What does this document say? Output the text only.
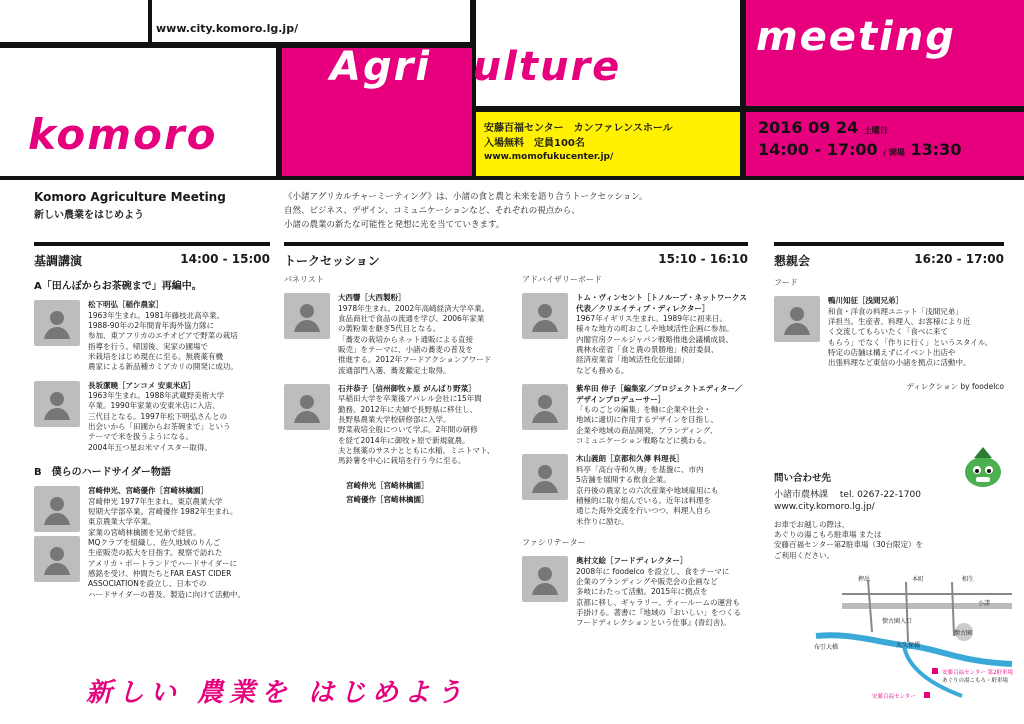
www.city.komoro.lg.jp/
komoro
Agri culture
安藤百福センター　カンファレンスホール
入場無料　定員100名
www.momofukucenter.jp/
meeting
2016 09 24 土曜日
14:00 - 17:00 / 開場 13:30
Komoro Agriculture Meeting
新しい農業をはじめよう
《小諸アグリカルチャーミーティング》は、小諸の食と農と未来を語り合うトークセッション。
自然、ビジネス、デザイン、コミュニケーションなど、それぞれの視点から、
小諸の農業の新たな可能性と発想に光を当てていきます。
基調講演	14:00 - 15:00
A「田んぼからお茶碗まで」再編中。
松下明弘［稲作農家］
1963年生まれ。1981年藤枝北高卒業。
1988-90年の2年間青年海外協力隊に
参加、東アフリカのエチオピアで野菜の栽培
指導を行う。帰国後、実家の圃場で
米栽培をはじめ現在に至る。無農薬有機
農家による新品種カミアカリの開発に成功。
長坂潔曉［アンコメ 安東米店］
1963年生まれ。1988年武蔵野美術大学
卒業。1990年家業の安東米店に入店、
三代目となる。1997年松下明弘さんとの
出会いから「田圃からお茶碗まで」という
テーマで米を扱うようになる。
2004年五つ星お米マイスター取得。
B　僕らのハードサイダー物語
宮崎伸光、宮崎優作［宮崎林檎園］
宮崎伸光 1977年生まれ。東京農業大学
短期大学部卒業。宮崎優作 1982年生まれ。
東京農業大学卒業。
家業の宮崎林檎園を兄弟で経営。
MQクラブを組織し、佐久地域のりんご
生産販売の拡大を目指す。視察で訪れた
アメリカ・ポートランドでハードサイダーに
感銘を受け、仲間たちとFAR EAST CIDER
ASSOCIATIONを設立し、日本での
ハードサイダーの普及、製造に向けて活動中。
トークセッション	15:10 - 16:10
パネリスト
大西響［大西製粉］
1978年生まれ。2002年高崎経済大学卒業。
食品商社で食品の流通を学び、2006年家業
の製粉業を継ぎ5代目となる。
「蕎麦の栽培からネット通販による直接
販売」をテーマに、小諸の蕎麦の普及を
推進する。2012年フードアクションアワード
流通部門入選、蕎麦鑑定士取得。
石井恭子［信州御牧ヶ原 がんばり野菜］
早稲田大学を卒業後アパレル会社に15年間
勤務。2012年に夫婦で長野県に移住し、
長野県農業大学校研修部に入学。
野菜栽培全般について学ぶ。2年間の研修
を経て2014年に御牧ヶ原で新規就農。
夫と無薬のサスナとともに水稲、ミニトマト、
馬鈴薯を中心に栽培を行う今に至る。
宮崎伸光［宮崎林檎園］
宮崎優作［宮崎林檎園］
アドバイザリーボード
トム・ヴィンセント［トノループ・ネットワークス
代表／クリエイティブ・ディレクター］
1967年イギリス生まれ。1989年に初来日。
様々な地方の町おこしや地域活性企画に参加。
内閣官房クールジャパン戦略推進会議構成員、
農林水産省「食と農の景勝地」検討委員、
経済産業省「地域活性化伝道師」
なども務める。
紫牟田 伸子［編集家／プロジェクトエディター／
デザインプロデューサー］
「ものごとの編集」を軸に企業や社会・
地域に適切に作用するデザインを目指し、
企業や地域の商品開発、ブランディング、
コミュニケーション戦略などに携わる。
木山義朗［京都和久傳 料理長］
料亭「高台寺和久傳」を基盤に、市内
5店舗を展開する飲食企業。
京丹後の農家との六次産業や地域雇用にも
積極的に取り組んでいる。近年は料理を
通じた海外交流を行いつつ、料理人自ら
米作りに励む。
ファシリテーター
奥村文絵［フードディレクター］
2008年に foodelco を設立し、食をテーマに
企業のブランディングや販売会の企画など
多岐にわたって活動。2015年に拠点を
京都に移し、ギャラリー、ティールームの運営も
手掛ける。著書に『地域の「おいしい」をつくる
フードディレクションという仕事』(青幻舎)。
懇親会	16:20 - 17:00
フード
鴨川知征［浅間兄弟］
和食・洋食の料理ユニット「浅間兄弟」
洋担当。生産者、料理人、お客様により近
く交流してもらいたく「食べに来て
もらう」でなく「作りに行く」というスタイル。
特定の店舗は構えずにイベント出店や
出張料理など東信の小諸を拠点に活動中。
ディレクション by foodelco
問い合わせ先
小諸市農林課　 tel. 0267-22-1700
www.city.komoro.lg.jp/
お車でお越しの際は、
あぐりの湯こもろ駐車場 または
安藤百福センター第2駐車場（30台限定）を
ご利用ください。
押出	本町	相生
小諸
懐古園
懐古園入口
布引大橋	大久保橋
安藤百福センター 第2駐車場
あぐりの湯こもろ・駐車場
安藤百福センター
新しい 農業を はじめよう
